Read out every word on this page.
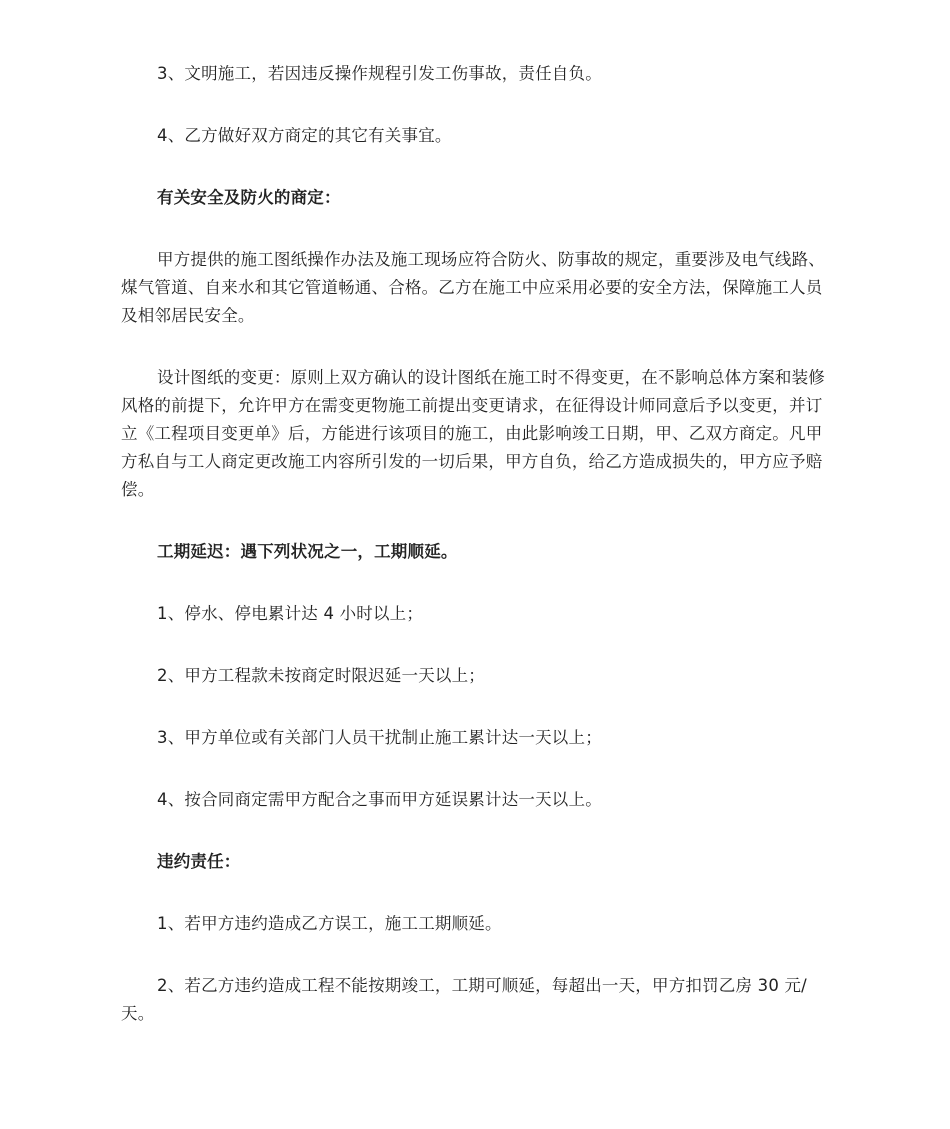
3、文明施工，若因违反操作规程引发工伤事故，责任自负。

4、乙方做好双方商定的其它有关事宜。

有关安全及防火的商定：

甲方提供的施工图纸操作办法及施工现场应符合防火、防事故的规定，重要涉及电气线路、煤气管道、自来水和其它管道畅通、合格。乙方在施工中应采用必要的安全方法，保障施工人员及相邻居民安全。

设计图纸的变更：原则上双方确认的设计图纸在施工时不得变更，在不影响总体方案和装修风格的前提下，允许甲方在需变更物施工前提出变更请求，在征得设计师同意后予以变更，并订立《工程项目变更单》后，方能进行该项目的施工，由此影响竣工日期，甲、乙双方商定。凡甲方私自与工人商定更改施工内容所引发的一切后果，甲方自负，给乙方造成损失的，甲方应予赔偿。

工期延迟：遇下列状况之一，工期顺延。

1、停水、停电累计达 4 小时以上；

2、甲方工程款未按商定时限迟延一天以上；

3、甲方单位或有关部门人员干扰制止施工累计达一天以上；

4、按合同商定需甲方配合之事而甲方延误累计达一天以上。

违约责任：

1、若甲方违约造成乙方误工，施工工期顺延。

2、若乙方违约造成工程不能按期竣工，工期可顺延，每超出一天，甲方扣罚乙房 30 元/天。
